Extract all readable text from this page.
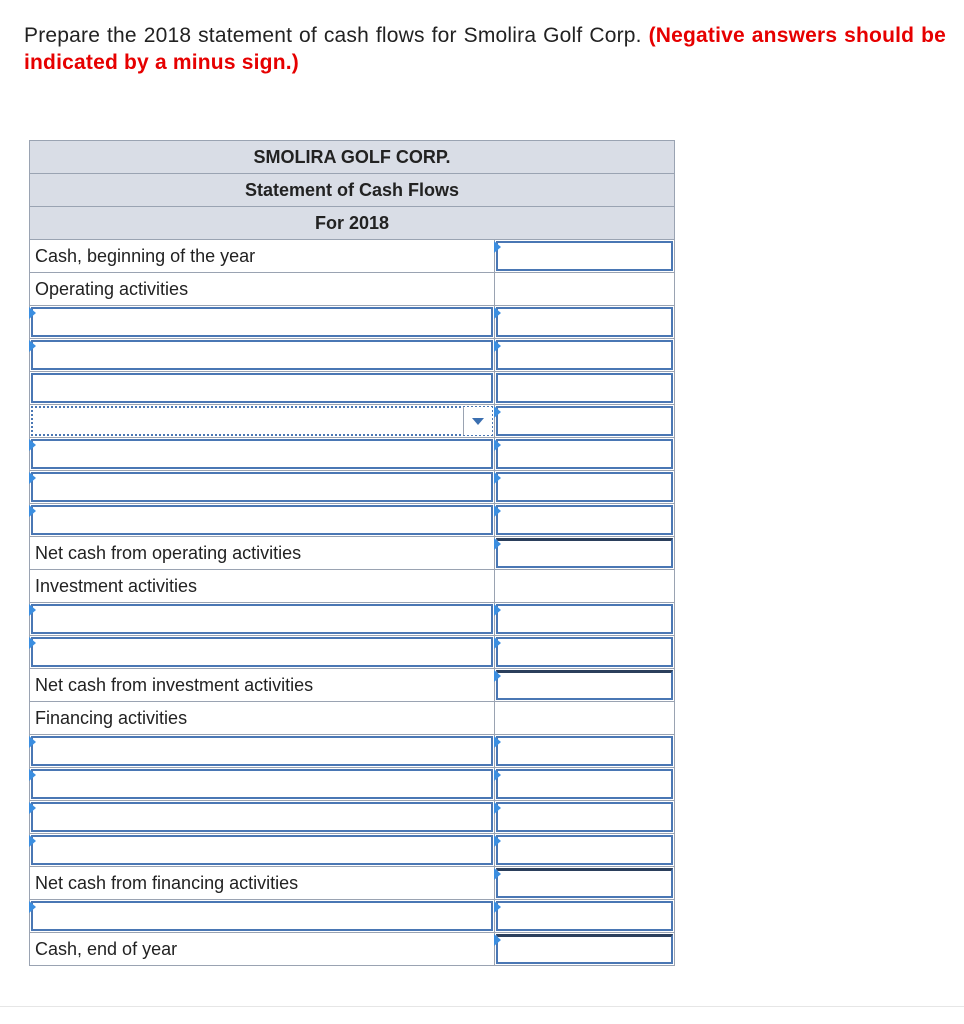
Prepare the 2018 statement of cash flows for Smolira Golf Corp. (Negative answers should be indicated by a minus sign.)
SMOLIRA GOLF CORP.	
Statement of Cash Flows	
For 2018	
Cash, beginning of the year	

Operating activities	

Net cash from operating activities	

Investment activities	

Net cash from investment activities	

Financing activities	

Net cash from financing activities	

Cash, end of year	
